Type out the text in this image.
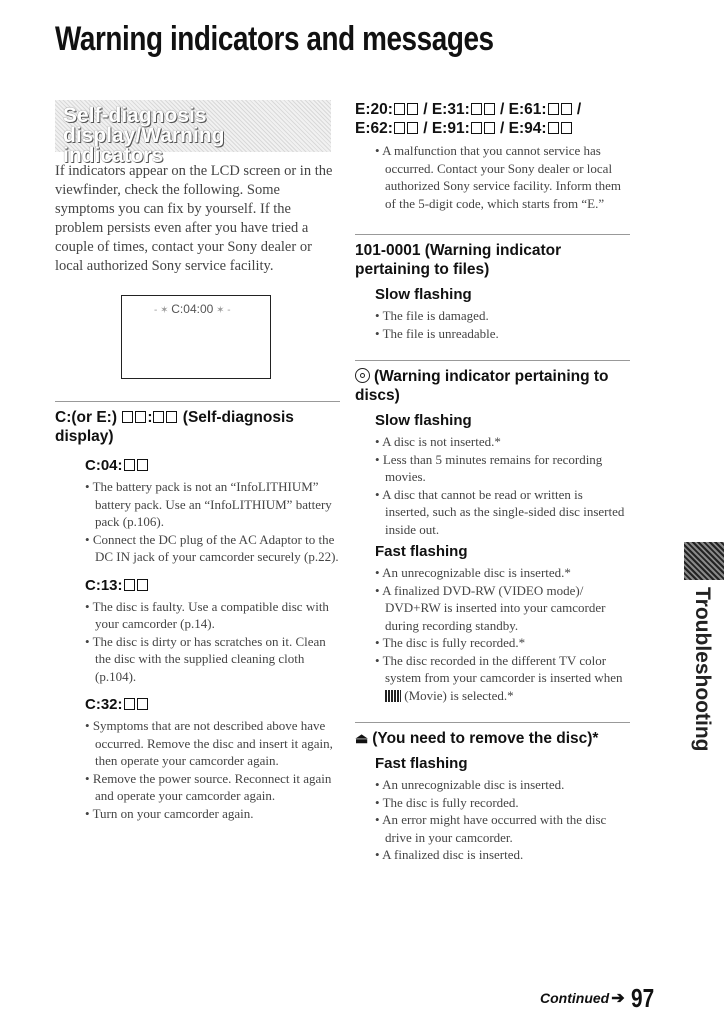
Warning indicators and messages
Self-diagnosis display/Warning indicators

If indicators appear on the LCD screen or in the viewfinder, check the following. Some symptoms you can fix by yourself. If the problem persists even after you have tried a couple of times, contact your Sony dealer or local authorized Sony service facility.

- ✶ C:04:00 ✶ -
C:(or E:) : (Self-diagnosis display)
C:04:
• The battery pack is not an “InfoLITHIUM” battery pack. Use an “InfoLITHIUM” battery pack (p.106).
• Connect the DC plug of the AC Adaptor to the DC IN jack of your camcorder securely (p.22).
C:13:
• The disc is faulty. Use a compatible disc with your camcorder (p.14).
• The disc is dirty or has scratches on it. Clean the disc with the supplied cleaning cloth (p.104).
C:32:
• Symptoms that are not described above have occurred. Remove the disc and insert it again, then operate your camcorder again.
• Remove the power source. Reconnect it again and operate your camcorder again.
• Turn on your camcorder again.
E:20: / E:31: / E:61: /
E:62: / E:91: / E:94:
• A malfunction that you cannot service has occurred. Contact your Sony dealer or local authorized Sony service facility. Inform them of the 5-digit code, which starts from “E.”
101-0001 (Warning indicator pertaining to files)
Slow flashing
• The file is damaged.
• The file is unreadable.
(Warning indicator pertaining to discs)
Slow flashing
• A disc is not inserted.*
• Less than 5 minutes remains for recording movies.
• A disc that cannot be read or written is inserted, such as the single-sided disc inserted inside out.
Fast flashing
• An unrecognizable disc is inserted.*
• A finalized DVD-RW (VIDEO mode)/ DVD+RW is inserted into your camcorder during recording standby.
• The disc is fully recorded.*
• The disc recorded in the different TV color system from your camcorder is inserted when  (Movie) is selected.*
⏏ (You need to remove the disc)*
Fast flashing
• An unrecognizable disc is inserted.
• The disc is fully recorded.
• An error might have occurred with the disc drive in your camcorder.
• A finalized disc is inserted.
Troubleshooting
Continued ➔ 97
